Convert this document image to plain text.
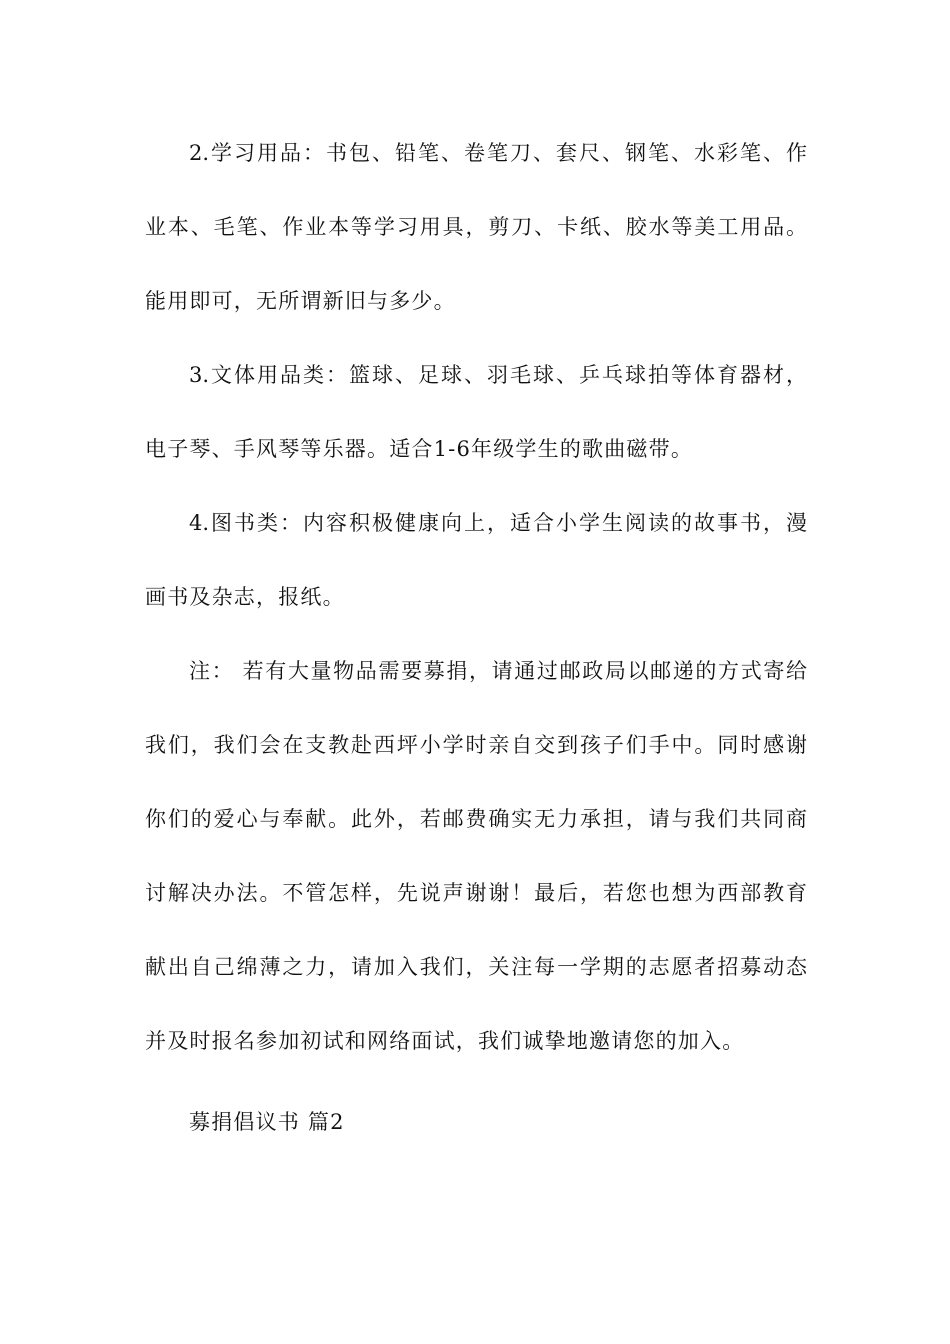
2.学习用品：书包、铅笔、卷笔刀、套尺、钢笔、水彩笔、作
业本、毛笔、作业本等学习用具，剪刀、卡纸、胶水等美工用品。
能用即可，无所谓新旧与多少。
3.文体用品类：篮球、足球、羽毛球、乒乓球拍等体育器材，
电子琴、手风琴等乐器。适合1-6年级学生的歌曲磁带。
4.图书类：内容积极健康向上，适合小学生阅读的故事书，漫
画书及杂志，报纸。
注： 若有大量物品需要募捐，请通过邮政局以邮递的方式寄给
我们，我们会在支教赴西坪小学时亲自交到孩子们手中。同时感谢
你们的爱心与奉献。此外，若邮费确实无力承担，请与我们共同商
讨解决办法。不管怎样，先说声谢谢！最后，若您也想为西部教育
献出自己绵薄之力，请加入我们，关注每一学期的志愿者招募动态
并及时报名参加初试和网络面试，我们诚挚地邀请您的加入。
募捐倡议书 篇2
